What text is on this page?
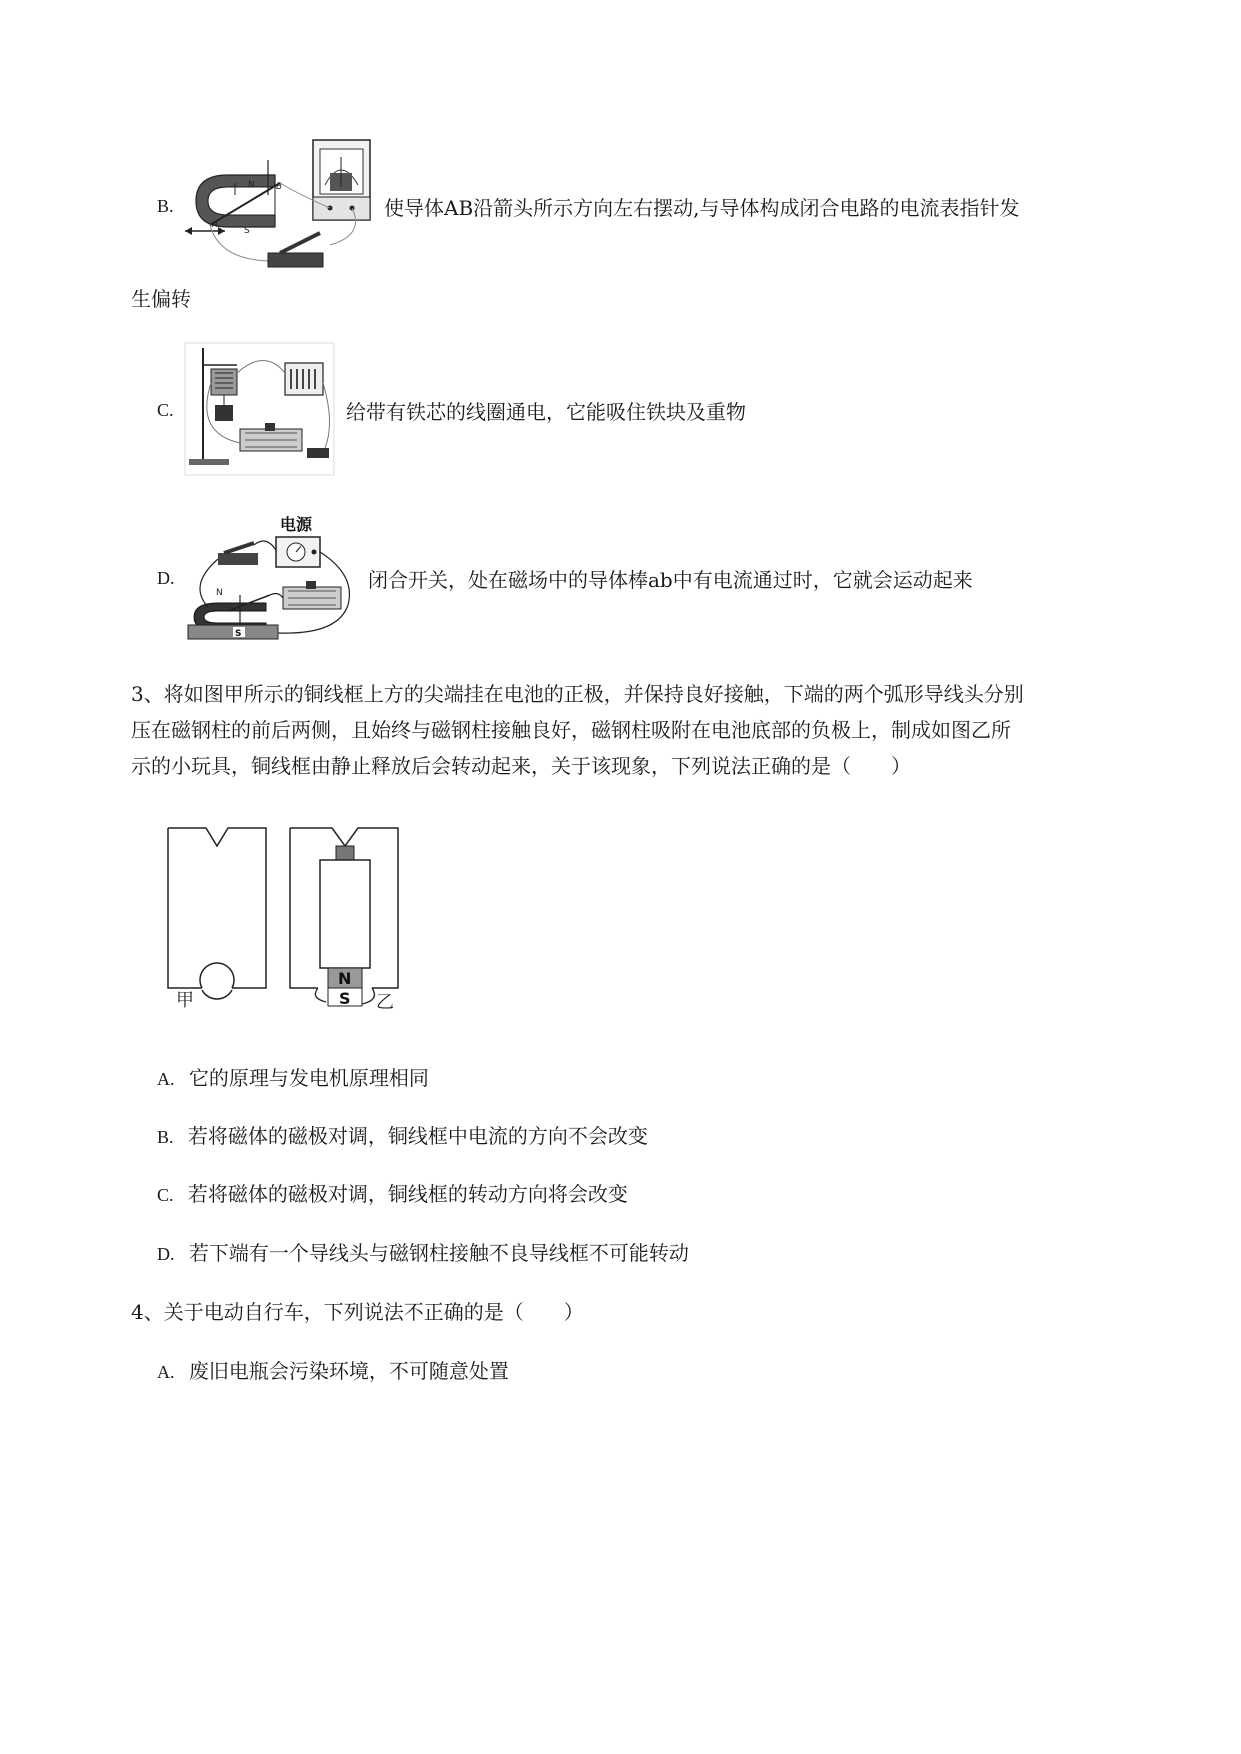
B.
N
S
A
B
使导体AB沿箭头所示方向左右摆动,与导体构成闭合电路的电流表指针发
生偏转
C.	给带有铁芯的线圈通电，它能吸住铁块及重物
D.
电源
N
S
闭合开关，处在磁场中的导体棒ab中有电流通过时，它就会运动起来
3、将如图甲所示的铜线框上方的尖端挂在电池的正极，并保持良好接触，下端的两个弧形导线头分别
压在磁钢柱的前后两侧，且始终与磁钢柱接触良好，磁钢柱吸附在电池底部的负极上，制成如图乙所
示的小玩具，铜线框由静止释放后会转动起来，关于该现象，下列说法正确的是（　　）
甲
N
S 乙
A. 它的原理与发电机原理相同
B. 若将磁体的磁极对调，铜线框中电流的方向不会改变
C. 若将磁体的磁极对调，铜线框的转动方向将会改变
D. 若下端有一个导线头与磁钢柱接触不良导线框不可能转动
4、关于电动自行车，下列说法不正确的是（　　）
A. 废旧电瓶会污染环境，不可随意处置
